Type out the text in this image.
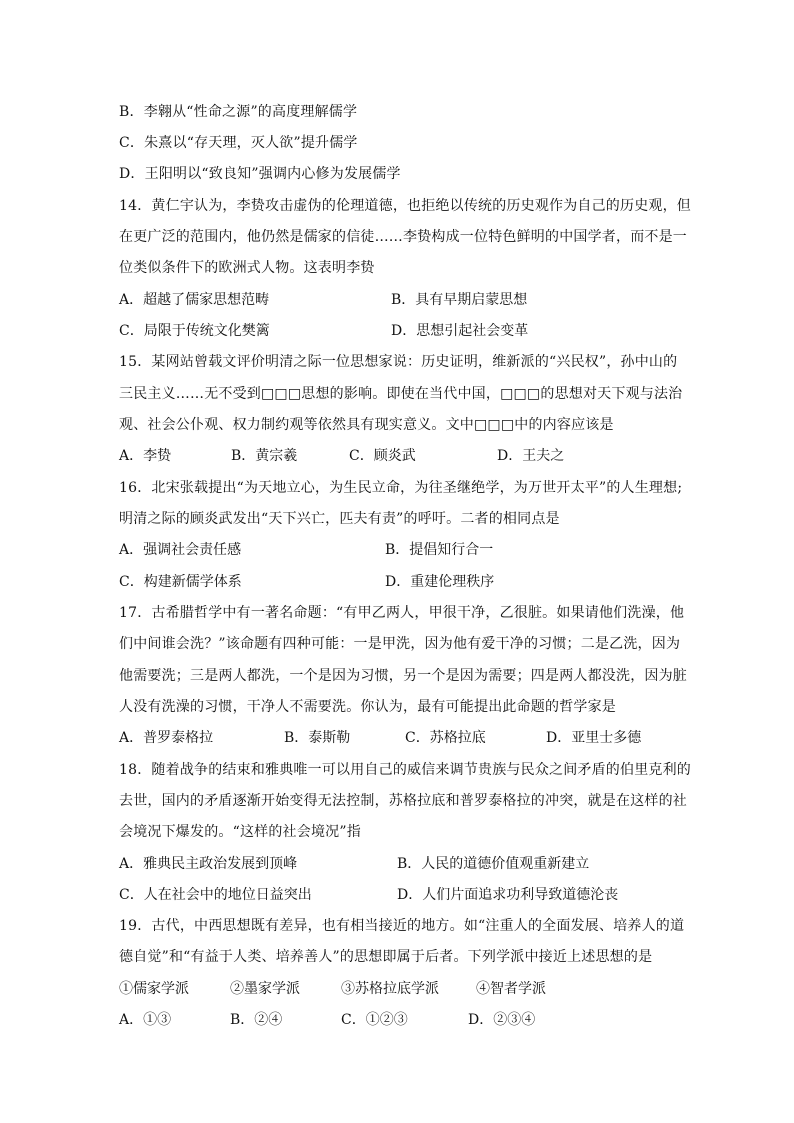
B．李翱从“性命之源”的高度理解儒学
C．朱熹以“存天理，灭人欲”提升儒学
D．王阳明以“致良知”强调内心修为发展儒学
14．黄仁宇认为，李贽攻击虚伪的伦理道德，也拒绝以传统的历史观作为自己的历史观，但
在更广泛的范围内，他仍然是儒家的信徒……李贽构成一位特色鲜明的中国学者，而不是一
位类似条件下的欧洲式人物。这表明李贽
A．超越了儒家思想范畴	B．具有早期启蒙思想
C．局限于传统文化樊篱	D．思想引起社会变革
15．某网站曾载文评价明清之际一位思想家说：历史证明，维新派的“兴民权”，孙中山的
三民主义……无不受到□□□思想的影响。即使在当代中国，□□□的思想对天下观与法治
观、社会公仆观、权力制约观等依然具有现实意义。文中□□□中的内容应该是
A．李贽	B．黄宗羲	C．顾炎武	D．王夫之
16．北宋张载提出“为天地立心，为生民立命，为往圣继绝学，为万世开太平”的人生理想;
明清之际的顾炎武发出“天下兴亡，匹夫有责”的呼吁。二者的相同点是
A．强调社会责任感	B．提倡知行合一
C．构建新儒学体系	D．重建伦理秩序
17．古希腊哲学中有一著名命题：“有甲乙两人，甲很干净，乙很脏。如果请他们洗澡，他
们中间谁会洗？”该命题有四种可能：一是甲洗，因为他有爱干净的习惯；二是乙洗，因为
他需要洗；三是两人都洗，一个是因为习惯，另一个是因为需要；四是两人都没洗，因为脏
人没有洗澡的习惯，干净人不需要洗。你认为，最有可能提出此命题的哲学家是
A．普罗泰格拉	B．泰斯勒	C．苏格拉底	D．亚里士多德
18．随着战争的结束和雅典唯一可以用自己的威信来调节贵族与民众之间矛盾的伯里克利的
去世，国内的矛盾逐渐开始变得无法控制，苏格拉底和普罗泰格拉的冲突，就是在这样的社
会境况下爆发的。“这样的社会境况”指
A．雅典民主政治发展到顶峰	B．人民的道德价值观重新建立
C．人在社会中的地位日益突出	D．人们片面追求功利导致道德沦丧
19．古代，中西思想既有差异，也有相当接近的地方。如“注重人的全面发展、培养人的道
德自觉”和“有益于人类、培养善人”的思想即属于后者。下列学派中接近上述思想的是
①儒家学派	②墨家学派	③苏格拉底学派	④智者学派
A．①③	B．②④	C．①②③	D．②③④
